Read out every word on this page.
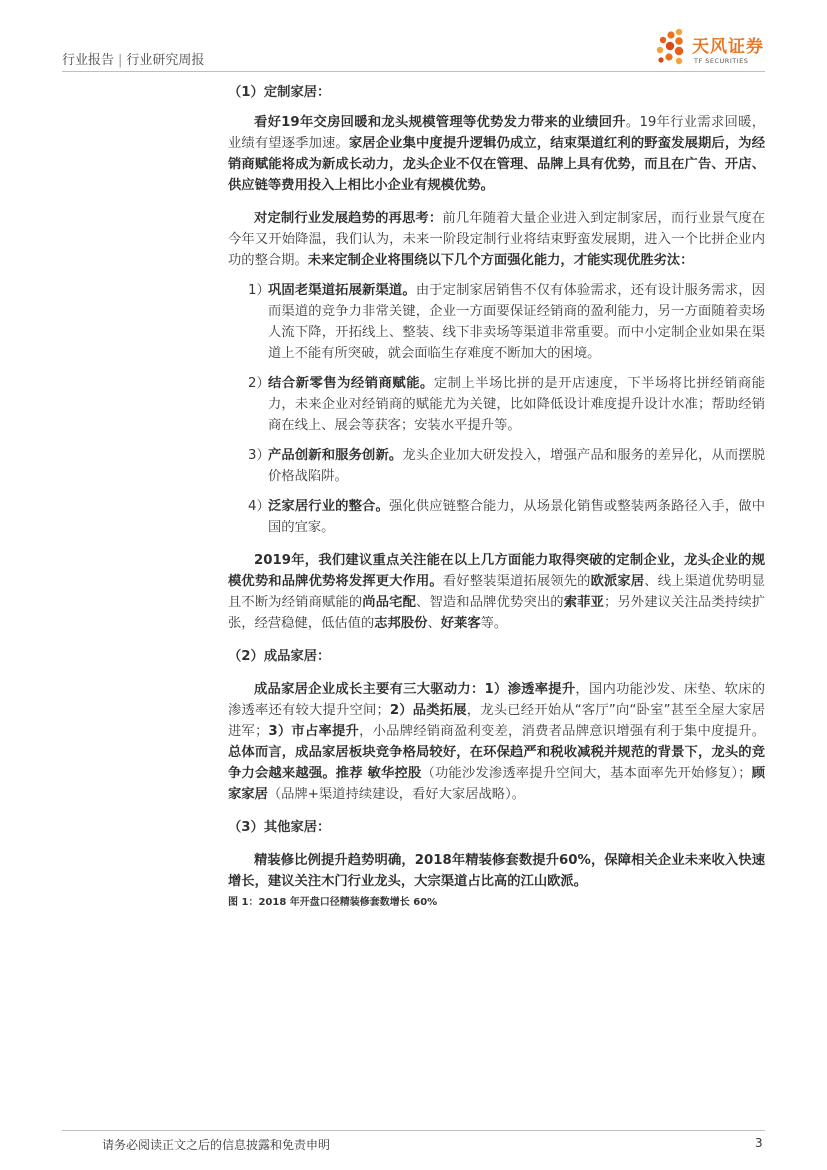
行业报告 | 行业研究周报
天风证券
TF SECURITIES

（1）定制家居：

看好19年交房回暖和龙头规模管理等优势发力带来的业绩回升。19年行业需求回暖，业绩有望逐季加速。家居企业集中度提升逻辑仍成立，结束渠道红利的野蛮发展期后，为经销商赋能将成为新成长动力，龙头企业不仅在管理、品牌上具有优势，而且在广告、开店、供应链等费用投入上相比小企业有规模优势。

对定制行业发展趋势的再思考：前几年随着大量企业进入到定制家居，而行业景气度在今年又开始降温，我们认为，未来一阶段定制行业将结束野蛮发展期，进入一个比拼企业内功的整合期。未来定制企业将围绕以下几个方面强化能力，才能实现优胜劣汰：

1）
巩固老渠道拓展新渠道。由于定制家居销售不仅有体验需求，还有设计服务需求，因而渠道的竞争力非常关键，企业一方面要保证经销商的盈利能力，另一方面随着卖场人流下降，开拓线上、整装、线下非卖场等渠道非常重要。而中小定制企业如果在渠道上不能有所突破，就会面临生存难度不断加大的困境。

2）
结合新零售为经销商赋能。定制上半场比拼的是开店速度，下半场将比拼经销商能力，未来企业对经销商的赋能尤为关键，比如降低设计难度提升设计水准；帮助经销商在线上、展会等获客；安装水平提升等。

3）
产品创新和服务创新。龙头企业加大研发投入，增强产品和服务的差异化，从而摆脱价格战陷阱。

4）
泛家居行业的整合。强化供应链整合能力，从场景化销售或整装两条路径入手，做中国的宜家。

2019年，我们建议重点关注能在以上几方面能力取得突破的定制企业，龙头企业的规模优势和品牌优势将发挥更大作用。看好整装渠道拓展领先的欧派家居、线上渠道优势明显且不断为经销商赋能的尚品宅配、智造和品牌优势突出的索菲亚；另外建议关注品类持续扩张，经营稳健，低估值的志邦股份、好莱客等。

（2）成品家居：

成品家居企业成长主要有三大驱动力：1）渗透率提升，国内功能沙发、床垫、软床的渗透率还有较大提升空间；2）品类拓展，龙头已经开始从“客厅”向“卧室”甚至全屋大家居进军；3）市占率提升，小品牌经销商盈利变差，消费者品牌意识增强有利于集中度提升。总体而言，成品家居板块竞争格局较好，在环保趋严和税收减税并规范的背景下，龙头的竞争力会越来越强。推荐 敏华控股（功能沙发渗透率提升空间大，基本面率先开始修复）；顾家家居（品牌+渠道持续建设，看好大家居战略）。

（3）其他家居：

精装修比例提升趋势明确，2018年精装修套数提升60%，保障相关企业未来收入快速增长，建议关注木门行业龙头，大宗渠道占比高的江山欧派。

图 1：2018 年开盘口径精装修套数增长 60%

请务必阅读正文之后的信息披露和免责申明	3
